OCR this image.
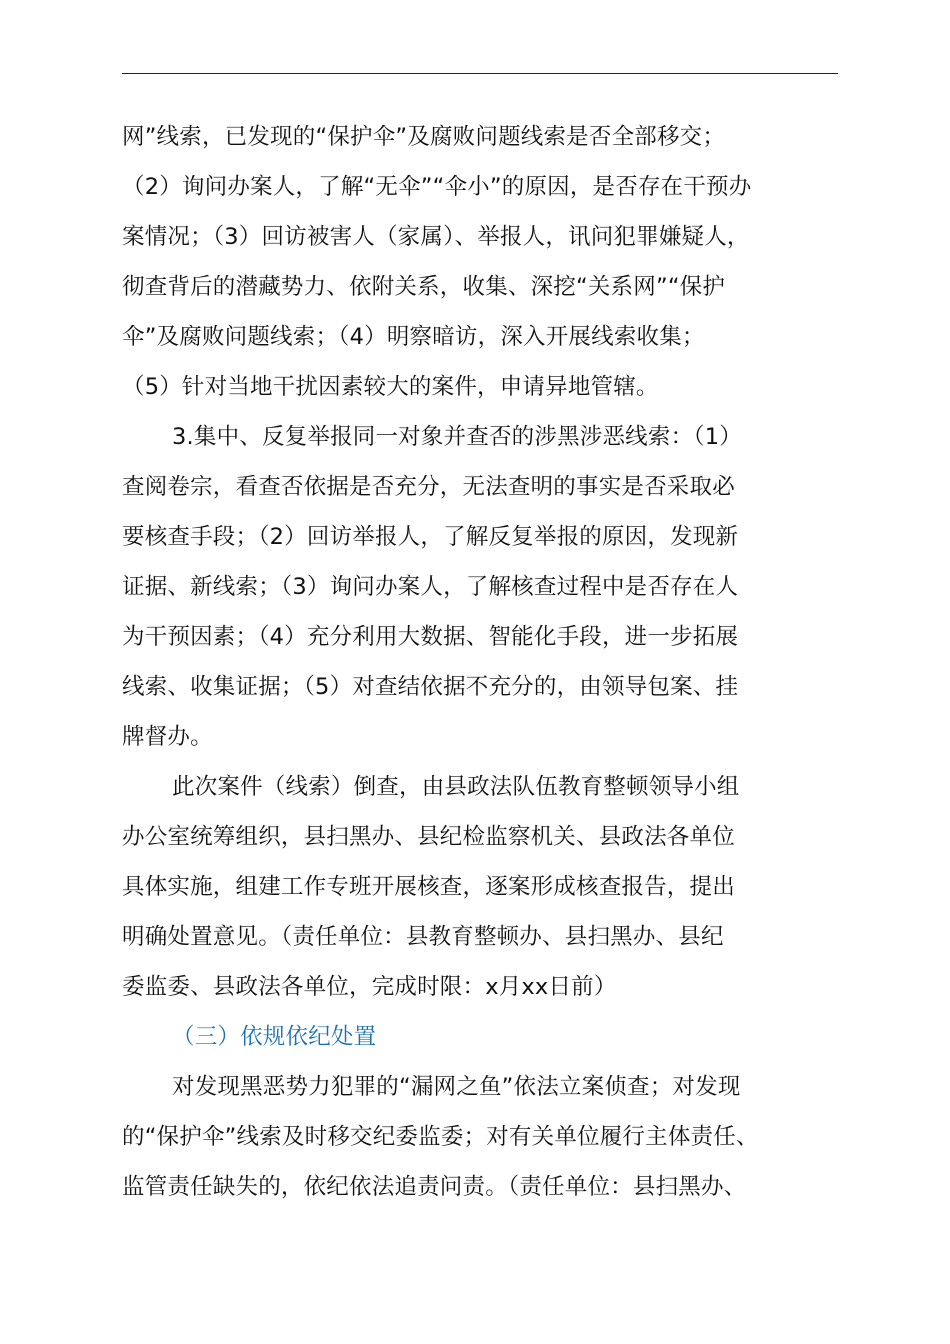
网”线索，已发现的“保护伞”及腐败问题线索是否全部移交；
（2）询问办案人，了解“无伞”“伞小”的原因，是否存在干预办
案情况；（3）回访被害人（家属）、举报人，讯问犯罪嫌疑人，
彻查背后的潜藏势力、依附关系，收集、深挖“关系网”“保护
伞”及腐败问题线索；（4）明察暗访，深入开展线索收集；
（5）针对当地干扰因素较大的案件，申请异地管辖。
3.集中、反复举报同一对象并查否的涉黑涉恶线索：（1）
查阅卷宗，看查否依据是否充分，无法查明的事实是否采取必
要核查手段；（2）回访举报人，了解反复举报的原因，发现新
证据、新线索；（3）询问办案人，了解核查过程中是否存在人
为干预因素；（4）充分利用大数据、智能化手段，进一步拓展
线索、收集证据；（5）对查结依据不充分的，由领导包案、挂
牌督办。
此次案件（线索）倒查，由县政法队伍教育整顿领导小组
办公室统筹组织，县扫黑办、县纪检监察机关、县政法各单位
具体实施，组建工作专班开展核查，逐案形成核查报告，提出
明确处置意见。（责任单位：县教育整顿办、县扫黑办、县纪
委监委、县政法各单位，完成时限：x月xx日前）
（三）依规依纪处置
对发现黑恶势力犯罪的“漏网之鱼”依法立案侦查；对发现
的“保护伞”线索及时移交纪委监委；对有关单位履行主体责任、
监管责任缺失的，依纪依法追责问责。（责任单位：县扫黑办、
